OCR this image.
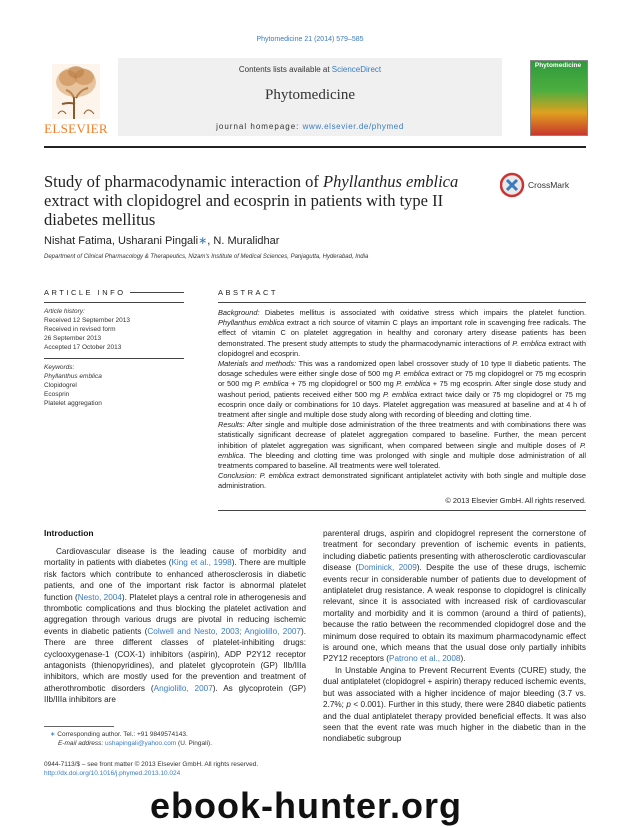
Phytomedicine 21 (2014) 579–585
ELSEVIER
Contents lists available at ScienceDirect
Phytomedicine
journal homepage: www.elsevier.de/phymed
Phytomedicine
Study of pharmacodynamic interaction of Phyllanthus emblica extract with clopidogrel and ecosprin in patients with type II diabetes mellitus
CrossMark
Nishat Fatima, Usharani Pingali∗, N. Muralidhar
Department of Clinical Pharmacology & Therapeutics, Nizam's Institute of Medical Sciences, Panjagutta, Hyderabad, India
ARTICLE INFO
Article history:
Received 12 September 2013
Received in revised form
26 September 2013
Accepted 17 October 2013
Keywords:
Phyllanthus emblica
Clopidogrel
Ecosprin
Platelet aggregation
ABSTRACT

Background: Diabetes mellitus is associated with oxidative stress which impairs the platelet function. Phyllanthus emblica extract a rich source of vitamin C plays an important role in scavenging free radicals. The effect of vitamin C on platelet aggregation in healthy and coronary artery disease patients has been demonstrated. The present study attempts to study the pharmacodynamic interactions of P. emblica extract with clopidogrel and ecosprin.

Materials and methods: This was a randomized open label crossover study of 10 type II diabetic patients. The dosage schedules were either single dose of 500 mg P. emblica extract or 75 mg clopidogrel or 75 mg ecosprin or 500 mg P. emblica + 75 mg clopidogrel or 500 mg P. emblica + 75 mg ecosprin. After single dose study and washout period, patients received either 500 mg P. emblica extract twice daily or 75 mg clopidogrel or 75 mg ecosprin once daily or combinations for 10 days. Platelet aggregation was measured at baseline and at 4 h of treatment after single and multiple dose study along with recording of bleeding and clotting time.

Results: After single and multiple dose administration of the three treatments and with combinations there was statistically significant decrease of platelet aggregation compared to baseline. Further, the mean percent inhibition of platelet aggregation was significant, when compared between single and multiple doses of P. emblica. The bleeding and clotting time was prolonged with single and multiple dose administration of all treatments compared to baseline. All treatments were well tolerated.

Conclusion: P. emblica extract demonstrated significant antiplatelet activity with both single and multiple dose administration.

© 2013 Elsevier GmbH. All rights reserved.
Introduction

Cardiovascular disease is the leading cause of morbidity and mortality in patients with diabetes (King et al., 1998). There are multiple risk factors which contribute to enhanced atherosclerosis in diabetic patients, and one of the important risk factor is abnormal platelet function (Nesto, 2004). Platelet plays a central role in atherogenesis and thrombotic complications and thus blocking the platelet activation and aggregation through various drugs are pivotal in reducing ischemic events in diabetic patients (Colwell and Nesto, 2003; Angiolillo, 2007). There are three different classes of platelet-inhibiting drugs: cyclooxygenase-1 (COX-1) inhibitors (aspirin), ADP P2Y12 receptor antagonists (thienopyridines), and platelet glycoprotein (GP) IIb/IIIa inhibitors, which are mostly used for the prevention and treatment of atherothrombotic disorders (Angiolillo, 2007). As glycoprotein (GP) IIb/IIIa inhibitors are

parenteral drugs, aspirin and clopidogrel represent the cornerstone of treatment for secondary prevention of ischemic events in patients, including diabetic patients presenting with atherosclerotic cardiovascular disease (Dominick, 2009). Despite the use of these drugs, ischemic events recur in considerable number of patients due to development of antiplatelet drug resistance. A weak response to clopidogrel is clinically relevant, since it is associated with increased risk of cardiovascular mortality and morbidity and it is common (around a third of patients), because the ratio between the recommended clopidogrel dose and the minimum dose required to obtain its maximum pharmacodynamic effect is around one, which means that the usual dose only partially inhibits P2Y12 receptors (Patrono et al., 2008).

In Unstable Angina to Prevent Recurrent Events (CURE) study, the dual antiplatelet (clopidogrel + aspirin) therapy reduced ischemic events, but was associated with a higher incidence of major bleeding (3.7 vs. 2.7%; p < 0.001). Further in this study, there were 2840 diabetic patients and the dual antiplatelet therapy provided beneficial effects. It was also seen that the event rate was much higher in the diabetic than in the nondiabetic subgroup

∗ Corresponding author. Tel.: +91 9849574143.
E-mail address: ushapingali@yahoo.com (U. Pingali).
0944-7113/$ – see front matter © 2013 Elsevier GmbH. All rights reserved.
http://dx.doi.org/10.1016/j.phymed.2013.10.024
ebook-hunter.org
